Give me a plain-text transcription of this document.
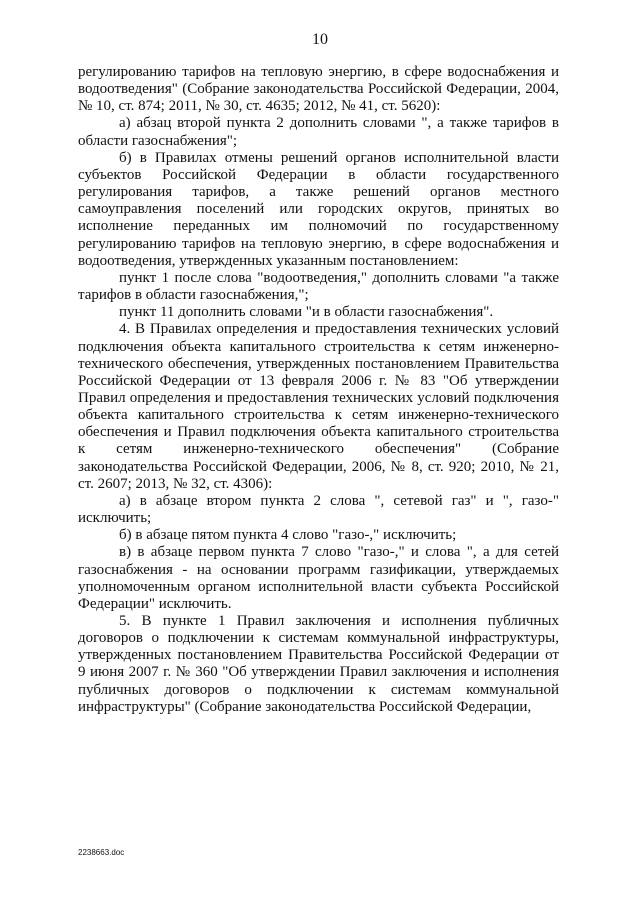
10

регулированию тарифов на тепловую энергию, в сфере водоснабжения и водоотведения" (Собрание законодательства Российской Федерации, 2004, № 10, ст. 874; 2011, № 30, ст. 4635; 2012, № 41, ст. 5620):

а) абзац второй пункта 2 дополнить словами ", а также тарифов в области газоснабжения";

б) в Правилах отмены решений органов исполнительной власти субъектов Российской Федерации в области государственного регулирования тарифов, а также решений органов местного самоуправления поселений или городских округов, принятых во исполнение переданных им полномочий по государственному регулированию тарифов на тепловую энергию, в сфере водоснабжения и водоотведения, утвержденных указанным постановлением:

пункт 1 после слова "водоотведения," дополнить словами "а также тарифов в области газоснабжения,";

пункт 11 дополнить словами "и в области газоснабжения".

4. В Правилах определения и предоставления технических условий подключения объекта капитального строительства к сетям инженерно-технического обеспечения, утвержденных постановлением Правительства Российской Федерации от 13 февраля 2006 г. № 83 "Об утверждении Правил определения и предоставления технических условий подключения объекта капитального строительства к сетям инженерно-технического обеспечения и Правил подключения объекта капитального строительства к сетям инженерно-технического обеспечения" (Собрание законодательства Российской Федерации, 2006, № 8, ст. 920; 2010, № 21, ст. 2607; 2013, № 32, ст. 4306):

а) в абзаце втором пункта 2 слова ", сетевой газ" и ", газо-" исключить;

б) в абзаце пятом пункта 4 слово "газо-," исключить;

в) в абзаце первом пункта 7 слово "газо-," и слова ", а для сетей газоснабжения - на основании программ газификации, утверждаемых уполномоченным органом исполнительной власти субъекта Российской Федерации" исключить.

5. В пункте 1 Правил заключения и исполнения публичных договоров о подключении к системам коммунальной инфраструктуры, утвержденных постановлением Правительства Российской Федерации от 9 июня 2007 г. № 360 "Об утверждении Правил заключения и исполнения публичных договоров о подключении к системам коммунальной инфраструктуры" (Собрание законодательства Российской Федерации,

2238663.doc
